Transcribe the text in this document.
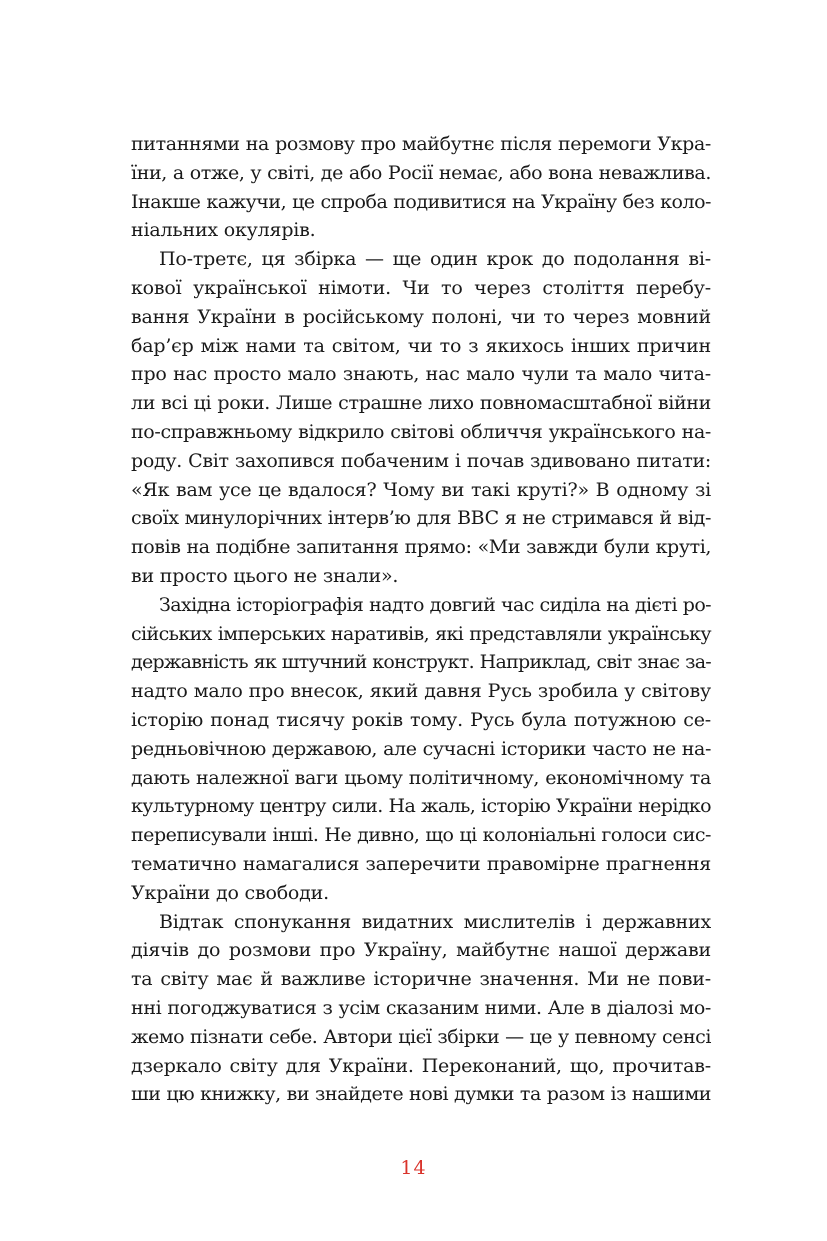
питаннями на розмову про майбутнє після перемоги Укра-
їни, а отже, у світі, де або Росії немає, або вона неважлива.
Інакше кажучи, це спроба подивитися на Україну без коло-
ніальних окулярів.
По-третє, ця збірка — ще один крок до подолання ві-
кової української німоти. Чи то через століття перебу-
вання України в російському полоні, чи то через мовний
бар’єр між нами та світом, чи то з якихось інших причин
про нас просто мало знають, нас мало чули та мало чита-
ли всі ці роки. Лише страшне лихо повномасштабної війни
по-справжньому відкрило світові обличчя українського на-
роду. Світ захопився побаченим і почав здивовано питати:
«Як вам усе це вдалося? Чому ви такі круті?» В одному зі
своїх минулорічних інтерв’ю для BBC я не стримався й від-
повів на подібне запитання прямо: «Ми завжди були круті,
ви просто цього не знали».
Західна історіографія надто довгий час сиділа на дієті ро-
сійських імперських наративів, які представляли українську
державність як штучний конструкт. Наприклад, світ знає за-
надто мало про внесок, який давня Русь зробила у світову
історію понад тисячу років тому. Русь була потужною се-
редньовічною державою, але сучасні історики часто не на-
дають належної ваги цьому політичному, економічному та
культурному центру сили. На жаль, історію України нерідко
переписували інші. Не дивно, що ці колоніальні голоси сис-
тематично намагалися заперечити правомірне прагнення
України до свободи.
Відтак спонукання видатних мислителів і державних
діячів до розмови про Україну, майбутнє нашої держави
та світу має й важливе історичне значення. Ми не пови-
нні погоджуватися з усім сказаним ними. Але в діалозі мо-
жемо пізнати себе. Автори цієї збірки — це у певному сенсі
дзеркало світу для України. Переконаний, що, прочитав-
ши цю книжку, ви знайдете нові думки та разом із нашими
14
